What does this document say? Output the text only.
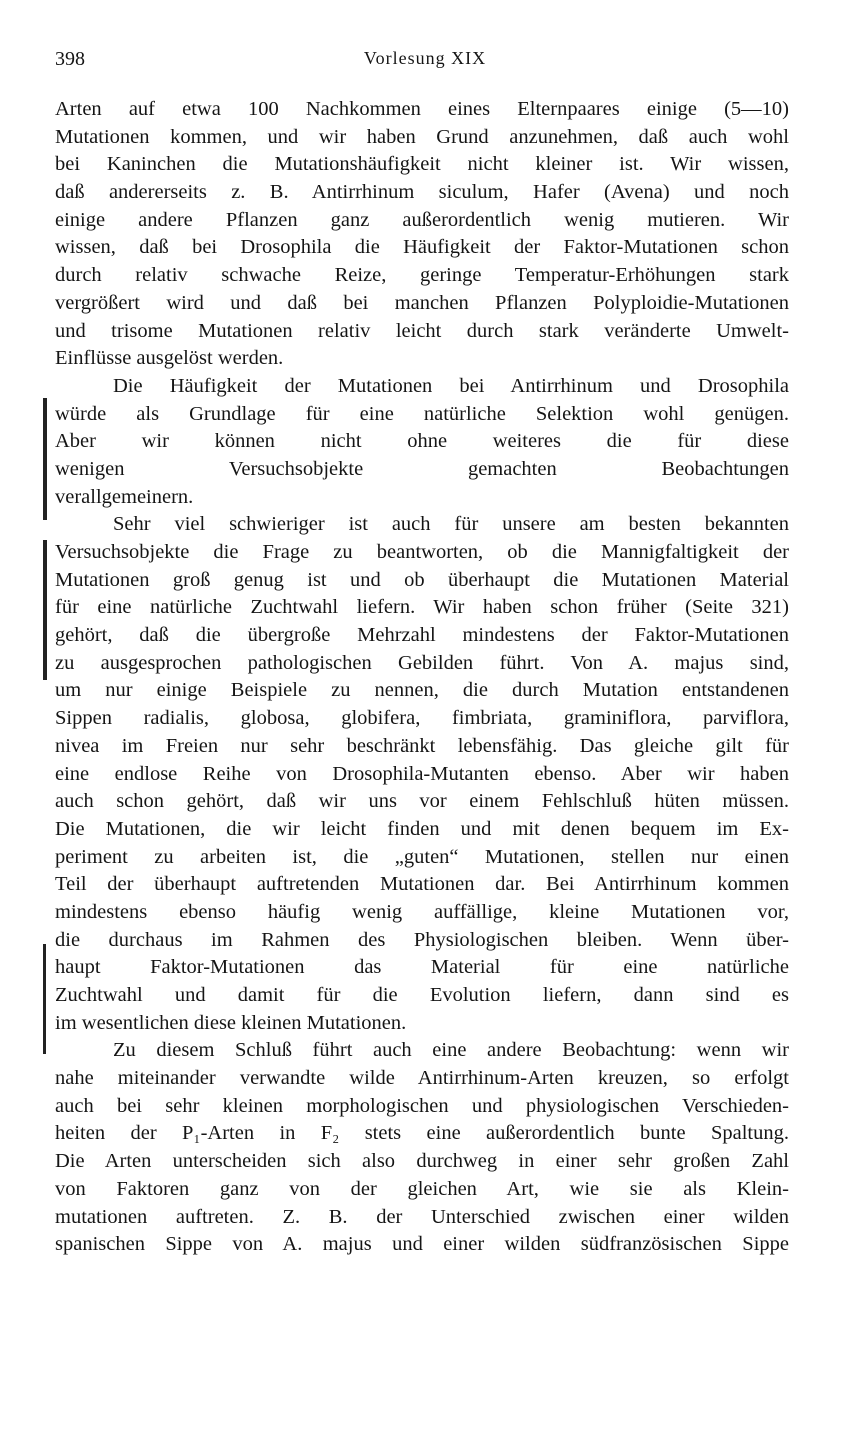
398	Vorlesung XIX
Arten auf etwa 100 Nachkommen eines Elternpaares einige (5—10)
Mutationen kommen, und wir haben Grund anzunehmen, daß auch wohl
bei Kaninchen die Mutationshäufigkeit nicht kleiner ist. Wir wissen,
daß andererseits z. B. Antirrhinum siculum, Hafer (Avena) und noch
einige andere Pflanzen ganz außerordentlich wenig mutieren. Wir
wissen, daß bei Drosophila die Häufigkeit der Faktor-Mutationen schon
durch relativ schwache Reize, geringe Temperatur-Erhöhungen stark
vergrößert wird und daß bei manchen Pflanzen Polyploidie-Mutationen
und trisome Mutationen relativ leicht durch stark veränderte Umwelt-
Einflüsse ausgelöst werden.
Die Häufigkeit der Mutationen bei Antirrhinum und Drosophila
würde als Grundlage für eine natürliche Selektion wohl genügen.
Aber wir können nicht ohne weiteres die für diese
wenigen Versuchsobjekte gemachten Beobachtungen
verallgemeinern.
Sehr viel schwieriger ist auch für unsere am besten bekannten
Versuchsobjekte die Frage zu beantworten, ob die Mannigfaltigkeit der
Mutationen groß genug ist und ob überhaupt die Mutationen Material
für eine natürliche Zuchtwahl liefern. Wir haben schon früher (Seite 321)
gehört, daß die übergroße Mehrzahl mindestens der Faktor-Mutationen
zu ausgesprochen pathologischen Gebilden führt. Von A. majus sind,
um nur einige Beispiele zu nennen, die durch Mutation entstandenen
Sippen radialis, globosa, globifera, fimbriata, graminiflora, parviflora,
nivea im Freien nur sehr beschränkt lebensfähig. Das gleiche gilt für
eine endlose Reihe von Drosophila-Mutanten ebenso. Aber wir haben
auch schon gehört, daß wir uns vor einem Fehlschluß hüten müssen.
Die Mutationen, die wir leicht finden und mit denen bequem im Ex-
periment zu arbeiten ist, die „guten“ Mutationen, stellen nur einen
Teil der überhaupt auftretenden Mutationen dar. Bei Antirrhinum kommen
mindestens ebenso häufig wenig auffällige, kleine Mutationen vor,
die durchaus im Rahmen des Physiologischen bleiben. Wenn über-
haupt Faktor-Mutationen das Material für eine natürliche
Zuchtwahl und damit für die Evolution liefern, dann sind es
im wesentlichen diese kleinen Mutationen.
Zu diesem Schluß führt auch eine andere Beobachtung: wenn wir
nahe miteinander verwandte wilde Antirrhinum-Arten kreuzen, so erfolgt
auch bei sehr kleinen morphologischen und physiologischen Verschieden-
heiten der P₁-Arten in F₂ stets eine außerordentlich bunte Spaltung.
Die Arten unterscheiden sich also durchweg in einer sehr großen Zahl
von Faktoren ganz von der gleichen Art, wie sie als Klein-
mutationen auftreten. Z. B. der Unterschied zwischen einer wilden
spanischen Sippe von A. majus und einer wilden südfranzösischen Sippe
